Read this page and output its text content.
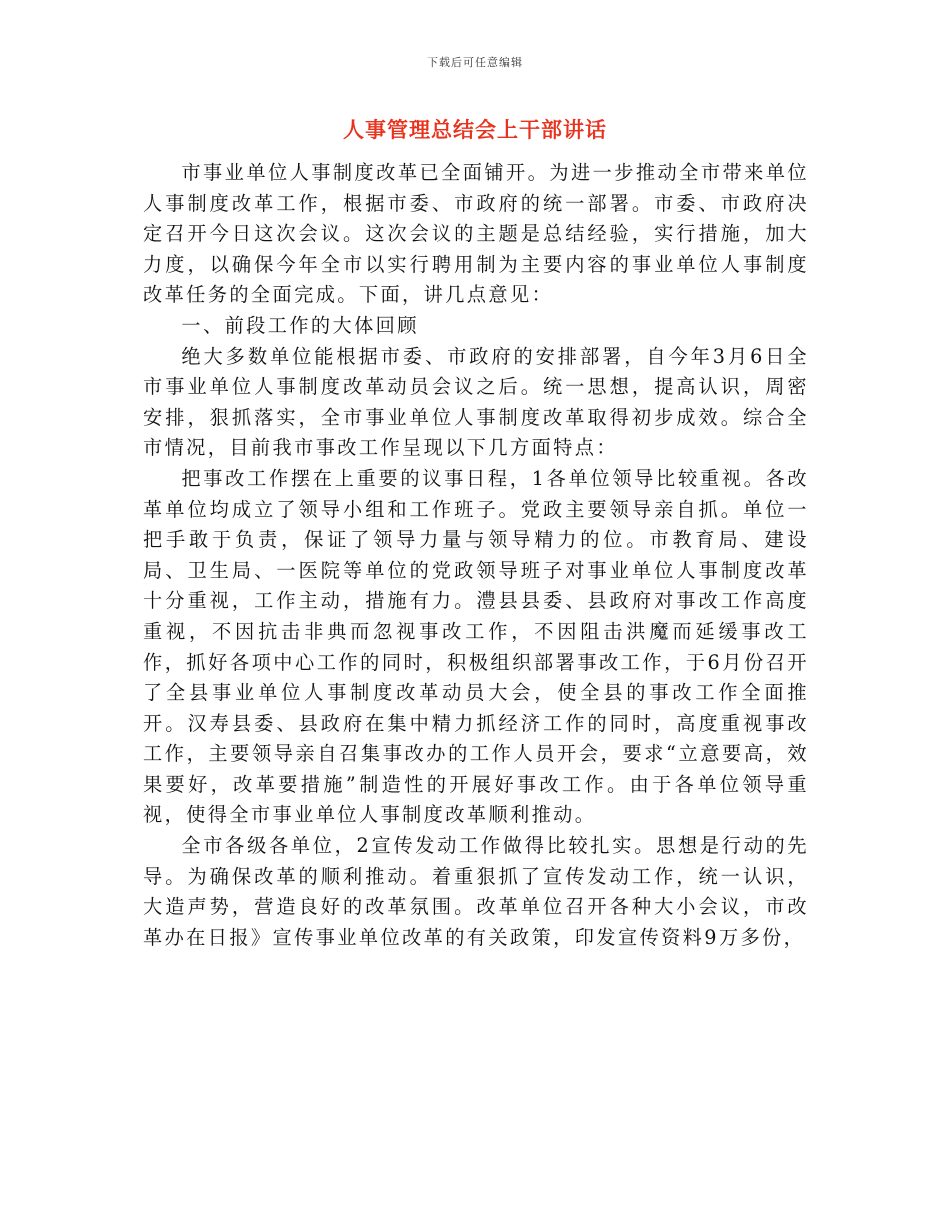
下载后可任意编辑
人事管理总结会上干部讲话

市事业单位人事制度改革已全面铺开。为进一步推动全市带来单位人事制度改革工作，根据市委、市政府的统一部署。市委、市政府决定召开今日这次会议。这次会议的主题是总结经验，实行措施，加大力度，以确保今年全市以实行聘用制为主要内容的事业单位人事制度改革任务的全面完成。下面，讲几点意见：

一、前段工作的大体回顾

绝大多数单位能根据市委、市政府的安排部署，自今年3月6日全市事业单位人事制度改革动员会议之后。统一思想，提高认识，周密安排，狠抓落实，全市事业单位人事制度改革取得初步成效。综合全市情况，目前我市事改工作呈现以下几方面特点：

把事改工作摆在上重要的议事日程，1各单位领导比较重视。各改革单位均成立了领导小组和工作班子。党政主要领导亲自抓。单位一把手敢于负责，保证了领导力量与领导精力的位。市教育局、建设局、卫生局、一医院等单位的党政领导班子对事业单位人事制度改革十分重视，工作主动，措施有力。澧县县委、县政府对事改工作高度重视，不因抗击非典而忽视事改工作，不因阻击洪魔而延缓事改工作，抓好各项中心工作的同时，积极组织部署事改工作，于6月份召开了全县事业单位人事制度改革动员大会，使全县的事改工作全面推开。汉寿县委、县政府在集中精力抓经济工作的同时，高度重视事改工作，主要领导亲自召集事改办的工作人员开会，要求“立意要高，效果要好，改革要措施”制造性的开展好事改工作。由于各单位领导重视，使得全市事业单位人事制度改革顺利推动。

全市各级各单位，2宣传发动工作做得比较扎实。思想是行动的先导。为确保改革的顺利推动。着重狠抓了宣传发动工作，统一认识，大造声势，营造良好的改革氛围。改革单位召开各种大小会议，市改革办在日报》宣传事业单位改革的有关政策，印发宣传资料9万多份，
